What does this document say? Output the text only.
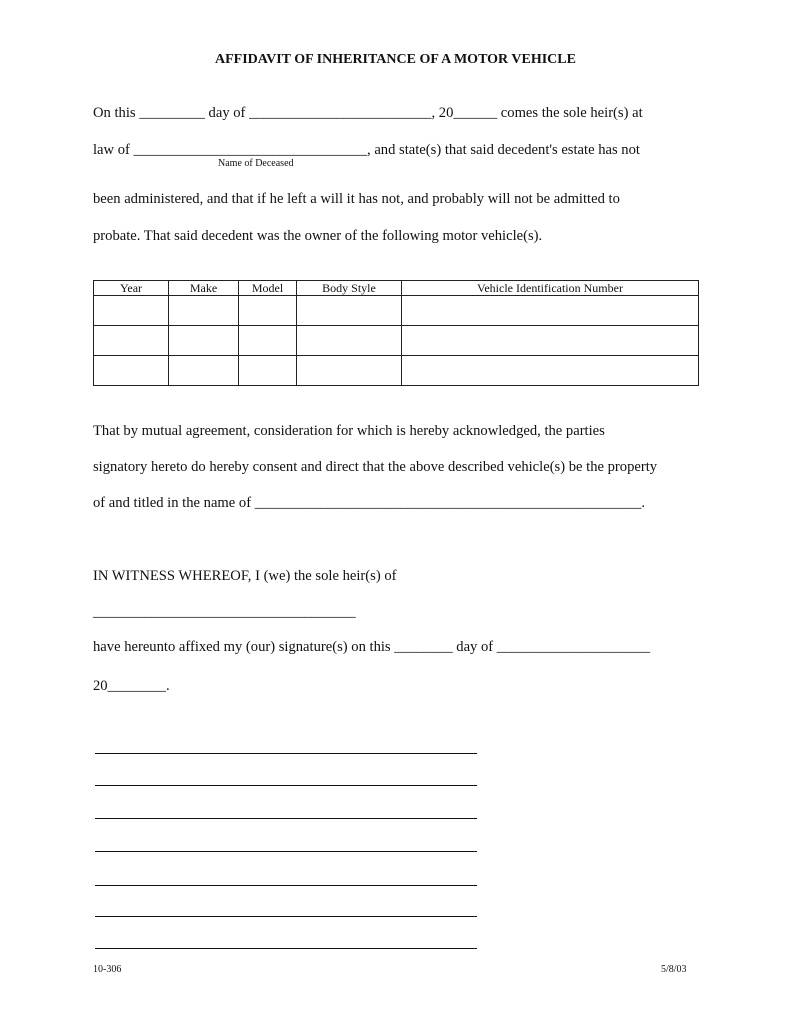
AFFIDAVIT OF INHERITANCE OF A MOTOR VEHICLE
On this _________ day of _________________________, 20______ comes the sole heir(s) at
law of ________________________________, and state(s) that said decedent's estate has not
Name of Deceased
been administered, and that if he left a will it has not, and probably will not be admitted to
probate. That said decedent was the owner of the following motor vehicle(s).
Year	Make	Model	Body Style	Vehicle Identification Number

That by mutual agreement, consideration for which is hereby acknowledged, the parties
signatory hereto do hereby consent and direct that the above described vehicle(s) be the property
of and titled in the name of _____________________________________________________.
IN WITNESS WHEREOF, I (we) the sole heir(s) of
____________________________________
have hereunto affixed my (our) signature(s) on this ________ day of _____________________
20________.
10-306	5/8/03
